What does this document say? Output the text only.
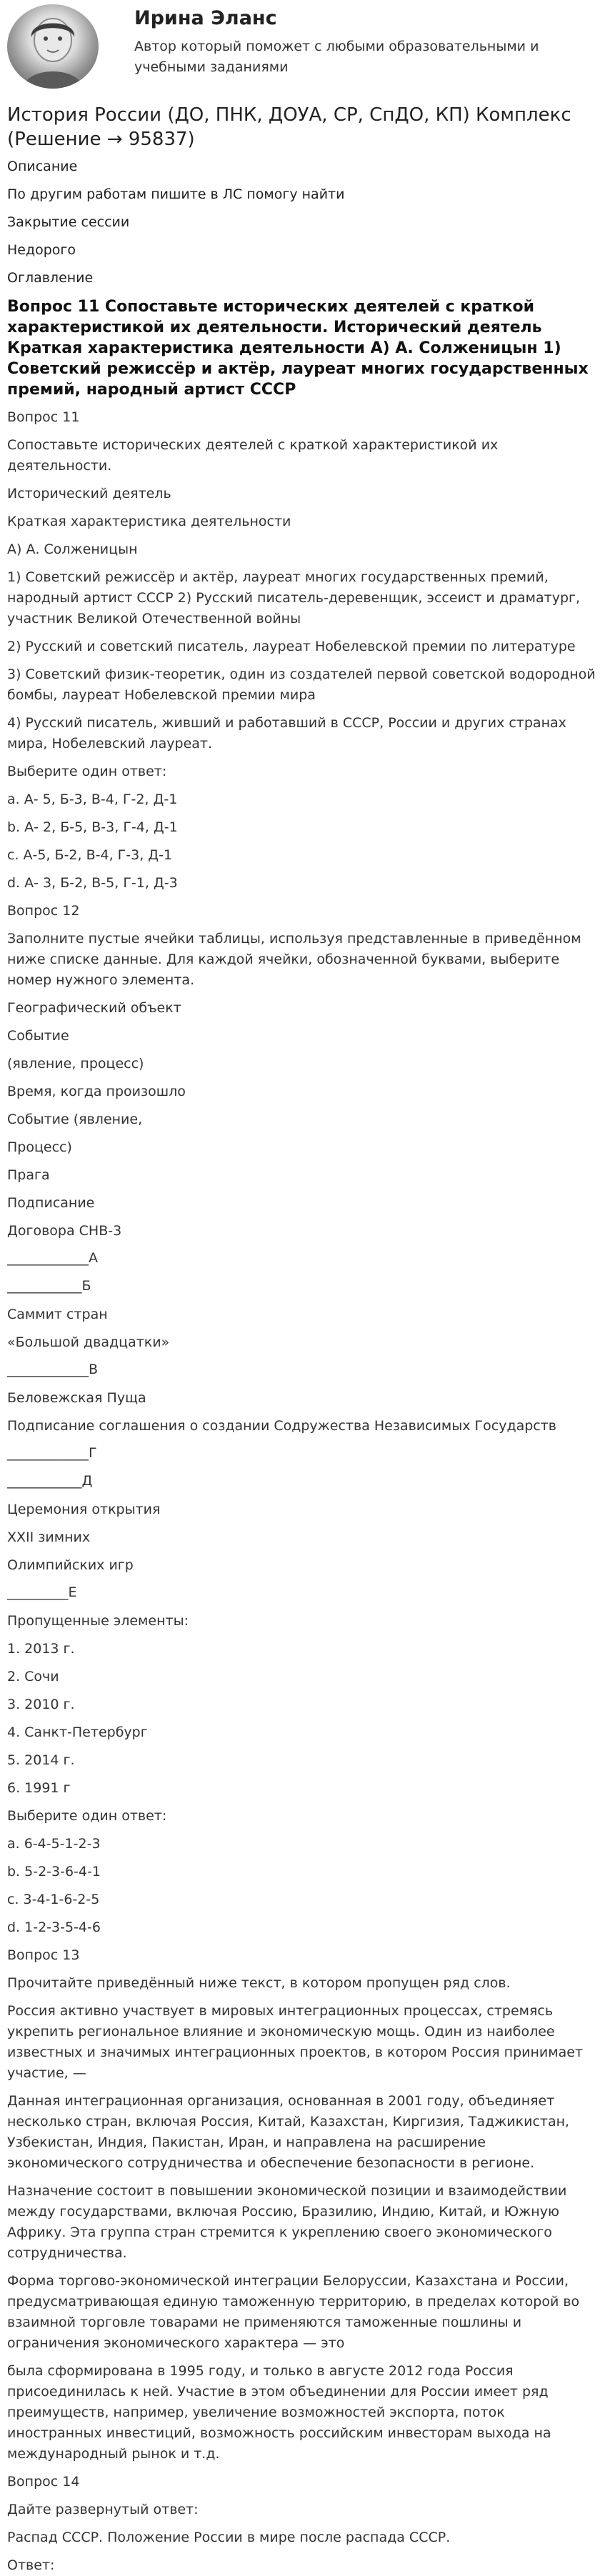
Ирина Эланс
Автор который поможет с любыми образовательными и учебными заданиями
История России (ДО, ПНК, ДОУА, СР, СпДО, КП) Комплекс (Решение → 95837)

Описание

По другим работам пишите в ЛС помогу найти

Закрытие сессии

Недорого

Оглавление

Вопрос 11 Сопоставьте исторических деятелей с краткой характеристикой их деятельности. Исторический деятель Краткая характеристика деятельности А) А. Солженицын 1) Советский режиссёр и актёр, лауреат многих государственных премий, народный артист СССР

Вопрос 11

Сопоставьте исторических деятелей с краткой характеристикой их деятельности.

Исторический деятель

Краткая характеристика деятельности

А) А. Солженицын

1) Советский режиссёр и актёр, лауреат многих государственных премий, народный артист СССР 2) Русский писатель-деревенщик, эссеист и драматург, участник Великой Отечественной войны

2) Русский и советский писатель, лауреат Нобелевской премии по литературе

3) Советский физик-теоретик, один из создателей первой советской водородной бомбы, лауреат Нобелевской премии мира

4) Русский писатель, живший и работавший в СССР, России и других странах мира, Нобелевский лауреат.

Выберите один ответ:

a. А- 5, Б-3, В-4, Г-2, Д-1

b. А- 2, Б-5, В-3, Г-4, Д-1

c. А-5, Б-2, В-4, Г-3, Д-1

d. А- 3, Б-2, В-5, Г-1, Д-3

Вопрос 12

Заполните пустые ячейки таблицы, используя представленные в приведённом ниже списке данные. Для каждой ячейки, обозначенной буквами, выберите номер нужного элемента.

Географический объект

Событие

(явление, процесс)

Время, когда произошло

Событие (явление,

Процесс)

Прага

Подписание

Договора СНВ-3

____________А

___________Б

Саммит стран

«Большой двадцатки»

____________В

Беловежская Пуща

Подписание соглашения о создании Содружества Независимых Государств

____________Г

___________Д

Церемония открытия

XXII зимних

Олимпийских игр

_________Е

Пропущенные элементы:

1. 2013 г.

2. Сочи

3. 2010 г.

4. Санкт-Петербург

5. 2014 г.

6. 1991 г

Выберите один ответ:

a. 6-4-5-1-2-3

b. 5-2-3-6-4-1

c. 3-4-1-6-2-5

d. 1-2-3-5-4-6

Вопрос 13

Прочитайте приведённый ниже текст, в котором пропущен ряд слов.

Россия активно участвует в мировых интеграционных процессах, стремясь укрепить региональное влияние и экономическую мощь. Один из наиболее известных и значимых интеграционных проектов, в котором Россия принимает участие, —

Данная интеграционная организация, основанная в 2001 году, объединяет несколько стран, включая Россия, Китай, Казахстан, Киргизия, Таджикистан, Узбекистан, Индия, Пакистан, Иран, и направлена на расширение экономического сотрудничества и обеспечение безопасности в регионе.

Назначение состоит в повышении экономической позиции и взаимодействии между государствами, включая Россию, Бразилию, Индию, Китай, и Южную Африку. Эта группа стран стремится к укреплению своего экономического сотрудничества.

Форма торгово-экономической интеграции Белоруссии, Казахстана и России, предусматривающая единую таможенную территорию, в пределах которой во взаимной торговле товарами не применяются таможенные пошлины и ограничения экономического характера — это

была сформирована в 1995 году, и только в августе 2012 года Россия присоединилась к ней. Участие в этом объединении для России имеет ряд преимуществ, например, увеличение возможностей экспорта, поток иностранных инвестиций, возможность российским инвесторам выхода на международный рынок и т.д.

Вопрос 14

Дайте развернутый ответ:

Распад СССР. Положение России в мире после распада СССР.

Ответ:
